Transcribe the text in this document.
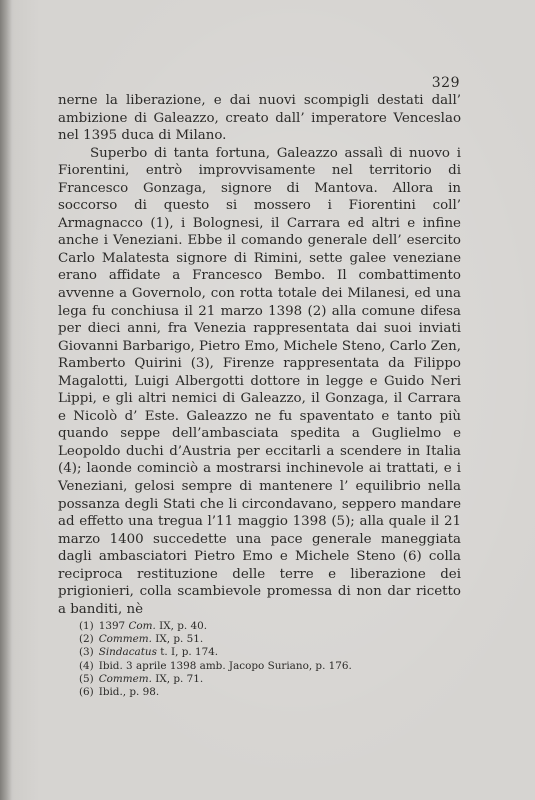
329

nerne la liberazione, e dai nuovi scompigli destati dall’ ambizione di Galeazzo, creato dall’ imperatore Venceslao nel 1395 duca di Milano.

Superbo di tanta fortuna, Galeazzo assalì di nuovo i Fiorentini, entrò improvvisamente nel territorio di Francesco Gonzaga, signore di Mantova. Allora in soccorso di questo si mossero i Fiorentini coll’ Armagnacco (1), i Bolognesi, il Carrara ed altri e infine anche i Veneziani. Ebbe il comando generale dell’ esercito Carlo Malatesta signore di Rimini, sette galee veneziane erano affidate a Francesco Bembo. Il combattimento avvenne a Governolo, con rotta totale dei Milanesi, ed una lega fu conchiusa il 21 marzo 1398 (2) alla comune difesa per dieci anni, fra Venezia rappresentata dai suoi inviati Giovanni Barbarigo, Pietro Emo, Michele Steno, Carlo Zen, Ramberto Quirini (3), Firenze rappresentata da Filippo Magalotti, Luigi Albergotti dottore in legge e Guido Neri Lippi, e gli altri nemici di Galeazzo, il Gonzaga, il Carrara e Nicolò d’ Este. Galeazzo ne fu spaventato e tanto più quando seppe dell’ambasciata spedita a Guglielmo e Leopoldo duchi d’Austria per eccitarli a scendere in Italia (4); laonde cominciò a mostrarsi inchinevole ai trattati, e i Veneziani, gelosi sempre di mantenere l’ equilibrio nella possanza degli Stati che li circondavano, seppero mandare ad effetto una tregua l’11 maggio 1398 (5); alla quale il 21 marzo 1400 succedette una pace generale maneggiata dagli ambasciatori Pietro Emo e Michele Steno (6) colla reciproca restituzione delle terre e liberazione dei prigionieri, colla scambievole promessa di non dar ricetto a banditi, nè

(1) 1397 Com. IX, p. 40.
(2) Commem. IX, p. 51.
(3) Sindacatus t. I, p. 174.
(4) Ibid. 3 aprile 1398 amb. Jacopo Suriano, p. 176.
(5) Commem. IX, p. 71.
(6) Ibid., p. 98.
